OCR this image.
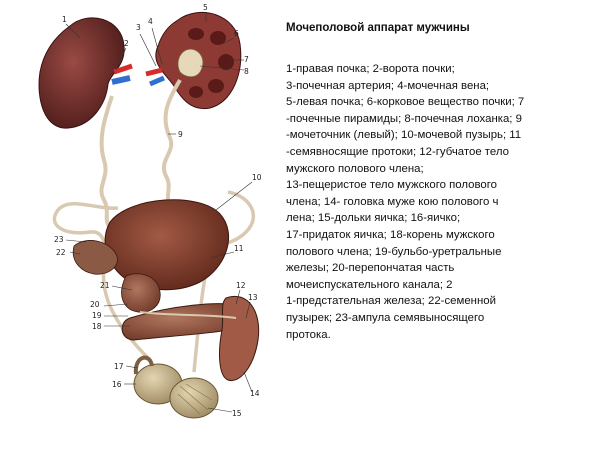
1
2
3
4
5
6
7
8
9
10
11
12
13
14
15
16
17
18
19
20
21
22
23
Мочеполовой аппарат мужчины
1-правая почка; 2-ворота почки;
3-почечная артерия; 4-мочечная вена;
5-левая почка; 6-корковое вещество почки; 7
-почечные пирамиды; 8-почечная лоханка; 9
-мочеточник (левый); 10-мочевой пузырь; 11
-семявносящие протоки; 12-губчатое тело
мужского полового члена;
13-пещеристое тело мужского полового
члена; 14- головка муже кою полового ч
лена; 15-дольки яичка; 16-яичко;
17-придаток яичка; 18-корень мужского
полового члена; 19-бульбо-уретральные
железы; 20-перепончатая часть
мочеиспускательного канала; 2
1-предстательная железа; 22-семенной
пузырек; 23-ампула семявыносящего
протока.
